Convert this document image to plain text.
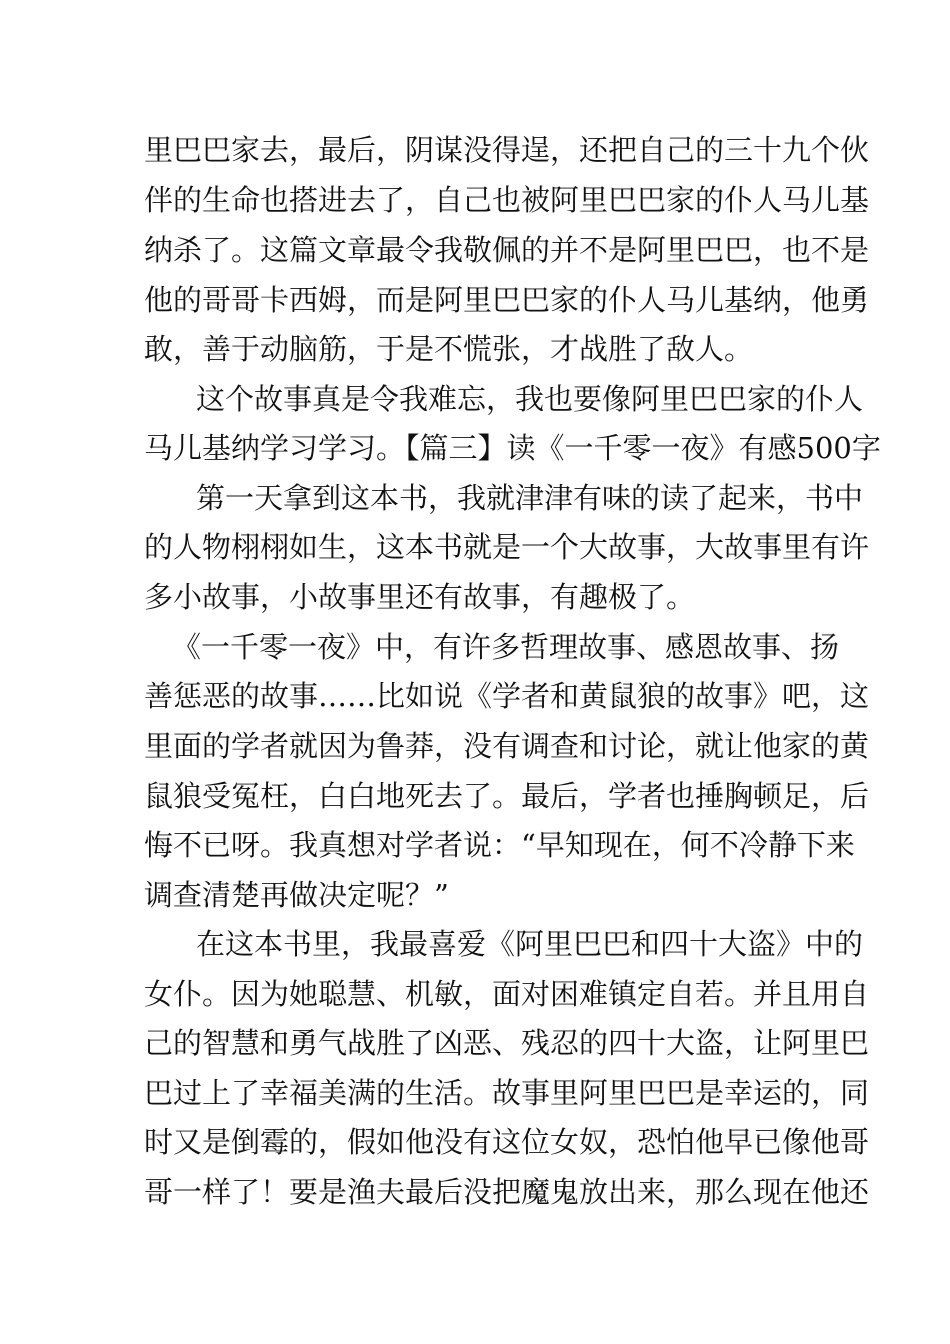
里巴巴家去，最后，阴谋没得逞，还把自己的三十九个伙
伴的生命也搭进去了，自己也被阿里巴巴家的仆人马儿基
纳杀了。这篇文章最令我敬佩的并不是阿里巴巴，也不是
他的哥哥卡西姆，而是阿里巴巴家的仆人马儿基纳，他勇
敢，善于动脑筋，于是不慌张，才战胜了敌人。
这个故事真是令我难忘，我也要像阿里巴巴家的仆人
马儿基纳学习学习。【篇三】读《一千零一夜》有感500字
第一天拿到这本书，我就津津有味的读了起来，书中
的人物栩栩如生，这本书就是一个大故事，大故事里有许
多小故事，小故事里还有故事，有趣极了。
《一千零一夜》中，有许多哲理故事、感恩故事、扬
善惩恶的故事……比如说《学者和黄鼠狼的故事》吧，这
里面的学者就因为鲁莽，没有调查和讨论，就让他家的黄
鼠狼受冤枉，白白地死去了。最后，学者也捶胸顿足，后
悔不已呀。我真想对学者说：“早知现在，何不冷静下来
调查清楚再做决定呢？”
在这本书里，我最喜爱《阿里巴巴和四十大盗》中的
女仆。因为她聪慧、机敏，面对困难镇定自若。并且用自
己的智慧和勇气战胜了凶恶、残忍的四十大盗，让阿里巴
巴过上了幸福美满的生活。故事里阿里巴巴是幸运的，同
时又是倒霉的，假如他没有这位女奴，恐怕他早已像他哥
哥一样了！要是渔夫最后没把魔鬼放出来，那么现在他还
